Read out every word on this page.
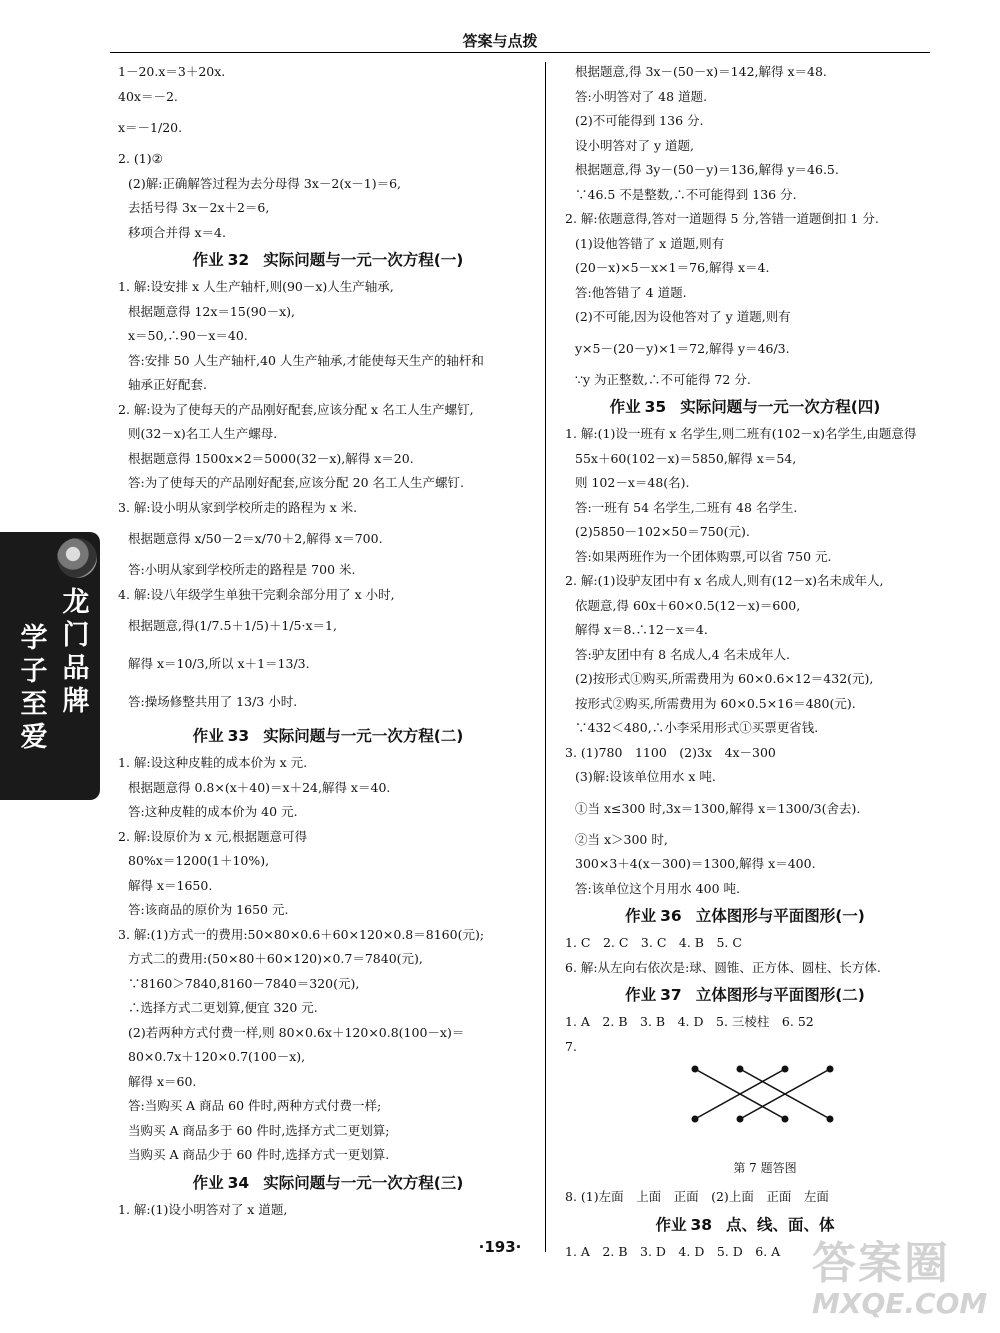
答案与点拨
龙门品牌
学子至爱
1－20.x＝3＋20x.
40x＝－2.
x＝－1/20.
2. (1)②
(2)解:正确解答过程为去分母得 3x－2(x－1)＝6,
去括号得 3x－2x＋2＝6,
移项合并得 x＝4.
作业 32 实际问题与一元一次方程(一)
1. 解:设安排 x 人生产轴杆,则(90－x)人生产轴承,
根据题意得 12x＝15(90－x),
x＝50,∴90－x＝40.
答:安排 50 人生产轴杆,40 人生产轴承,才能使每天生产的轴杆和
轴承正好配套.
2. 解:设为了使每天的产品刚好配套,应该分配 x 名工人生产螺钉,
则(32－x)名工人生产螺母.
根据题意得 1500x×2＝5000(32－x),解得 x＝20.
答:为了使每天的产品刚好配套,应该分配 20 名工人生产螺钉.
3. 解:设小明从家到学校所走的路程为 x 米.
根据题意得 x/50－2＝x/70＋2,解得 x＝700.
答:小明从家到学校所走的路程是 700 米.
4. 解:设八年级学生单独干完剩余部分用了 x 小时,
根据题意,得(1/7.5＋1/5)＋1/5·x＝1,
解得 x＝10/3,所以 x＋1＝13/3.
答:操场修整共用了 13/3 小时.
作业 33 实际问题与一元一次方程(二)
1. 解:设这种皮鞋的成本价为 x 元.
根据题意得 0.8×(x＋40)＝x＋24,解得 x＝40.
答:这种皮鞋的成本价为 40 元.
2. 解:设原价为 x 元,根据题意可得
80%x＝1200(1＋10%),
解得 x＝1650.
答:该商品的原价为 1650 元.
3. 解:(1)方式一的费用:50×80×0.6＋60×120×0.8＝8160(元);
方式二的费用:(50×80＋60×120)×0.7＝7840(元),
∵8160＞7840,8160－7840＝320(元),
∴选择方式二更划算,便宜 320 元.
(2)若两种方式付费一样,则 80×0.6x＋120×0.8(100－x)＝
80×0.7x＋120×0.7(100－x),
解得 x＝60.
答:当购买 A 商品 60 件时,两种方式付费一样;
当购买 A 商品多于 60 件时,选择方式二更划算;
当购买 A 商品少于 60 件时,选择方式一更划算.
作业 34 实际问题与一元一次方程(三)
1. 解:(1)设小明答对了 x 道题,
根据题意,得 3x－(50－x)＝142,解得 x＝48.
答:小明答对了 48 道题.
(2)不可能得到 136 分.
设小明答对了 y 道题,
根据题意,得 3y－(50－y)＝136,解得 y＝46.5.
∵46.5 不是整数,∴不可能得到 136 分.
2. 解:依题意得,答对一道题得 5 分,答错一道题倒扣 1 分.
(1)设他答错了 x 道题,则有
(20－x)×5－x×1＝76,解得 x＝4.
答:他答错了 4 道题.
(2)不可能,因为设他答对了 y 道题,则有
y×5－(20－y)×1＝72,解得 y＝46/3.
∵y 为正整数,∴不可能得 72 分.
作业 35 实际问题与一元一次方程(四)
1. 解:(1)设一班有 x 名学生,则二班有(102－x)名学生,由题意得
55x＋60(102－x)＝5850,解得 x＝54,
则 102－x＝48(名).
答:一班有 54 名学生,二班有 48 名学生.
(2)5850－102×50＝750(元).
答:如果两班作为一个团体购票,可以省 750 元.
2. 解:(1)设驴友团中有 x 名成人,则有(12－x)名未成年人,
依题意,得 60x＋60×0.5(12－x)＝600,
解得 x＝8.∴12－x＝4.
答:驴友团中有 8 名成人,4 名未成年人.
(2)按形式①购买,所需费用为 60×0.6×12＝432(元),
按形式②购买,所需费用为 60×0.5×16＝480(元).
∵432＜480,∴小李采用形式①买票更省钱.
3. (1)780　1100　(2)3x　4x－300
(3)解:设该单位用水 x 吨.
①当 x≤300 时,3x＝1300,解得 x＝1300/3(舍去).
②当 x＞300 时,
300×3＋4(x－300)＝1300,解得 x＝400.
答:该单位这个月用水 400 吨.
作业 36 立体图形与平面图形(一)
1. C　2. C　3. C　4. B　5. C
6. 解:从左向右依次是:球、圆锥、正方体、圆柱、长方体.
作业 37 立体图形与平面图形(二)
1. A　2. B　3. B　4. D　5. 三棱柱　6. 52
7.
第 7 题答图
8. (1)左面　上面　正面　(2)上面　正面　左面
作业 38 点、线、面、体
1. A　2. B　3. D　4. D　5. D　6. A
·193·	答案圈
MXQE.COM
